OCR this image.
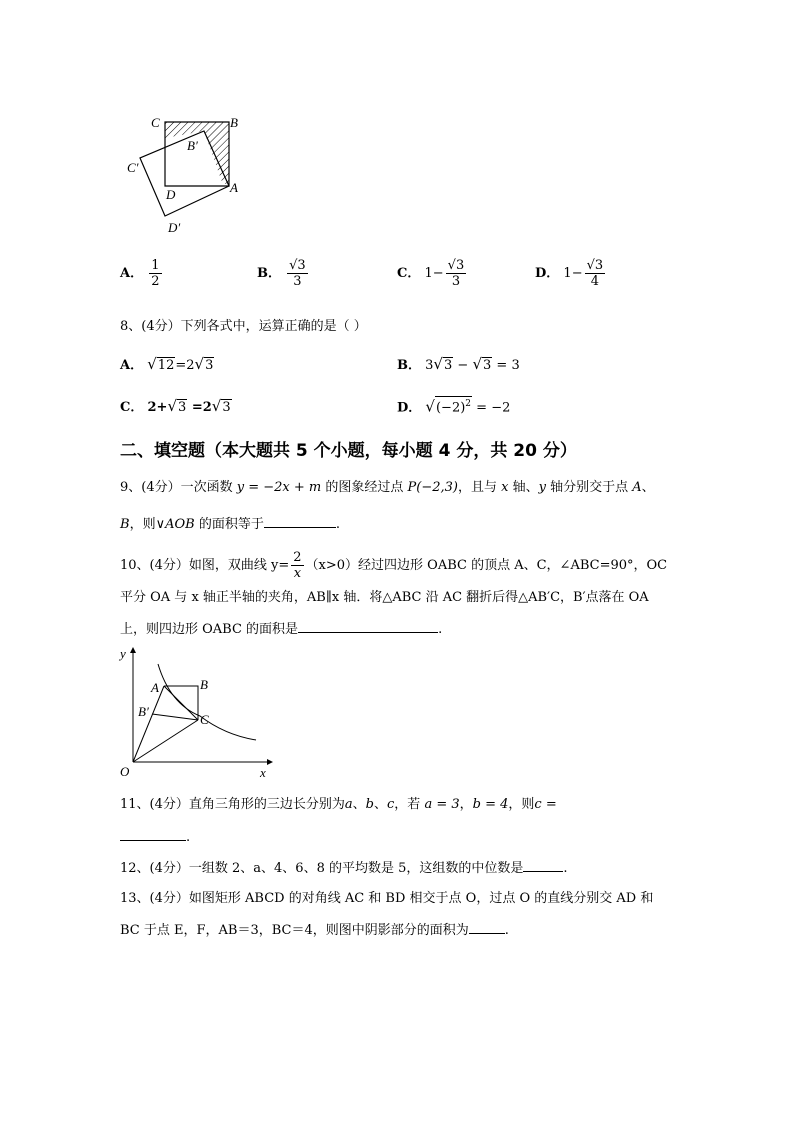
C	B
B′
C′
D	A
D′
A． $\frac{1}{2}$	B． $\frac{√3}{3}$	C． $1- \frac{√3}{3}$	D． $1- \frac{√3}{4}$
8、(4分）下列各式中，运算正确的是（ ）
A． √12=2√3	B． 3√3 − √3 = 3
C． 2+√3 =2√3	D． $√(-2)^2 = -2$
二、填空题（本大题共 5 个小题，每小题 4 分，共 20 分）
9、(4分）一次函数 y = −2x + m 的图象经过点 P(−2,3)，且与 x 轴、y 轴分别交于点 A、
B，则∨AOB 的面积等于	.
10、(4分）如图，双曲线 $y= \frac{2}{x} (x>0)$经过四边形 OABC 的顶点 A、C，∠ABC=90°，OC
平分 OA 与 x 轴正半轴的夹角，AB∥x 轴．将△ABC 沿 AC 翻折后得△AB′C，B′点落在 OA
上，则四边形 OABC 的面积是	.
y
x
O
A	B
B′
C
11、(4分）直角三角形的三边长分别为a、b、c，若 a = 3，b = 4，则c =
.
12、(4分）一组数 2、a、4、6、8 的平均数是 5，这组数的中位数是	.
13、(4分）如图矩形 ABCD 的对角线 AC 和 BD 相交于点 O，过点 O 的直线分别交 AD 和
BC 于点 E，F，AB＝3，BC＝4，则图中阴影部分的面积为	.
